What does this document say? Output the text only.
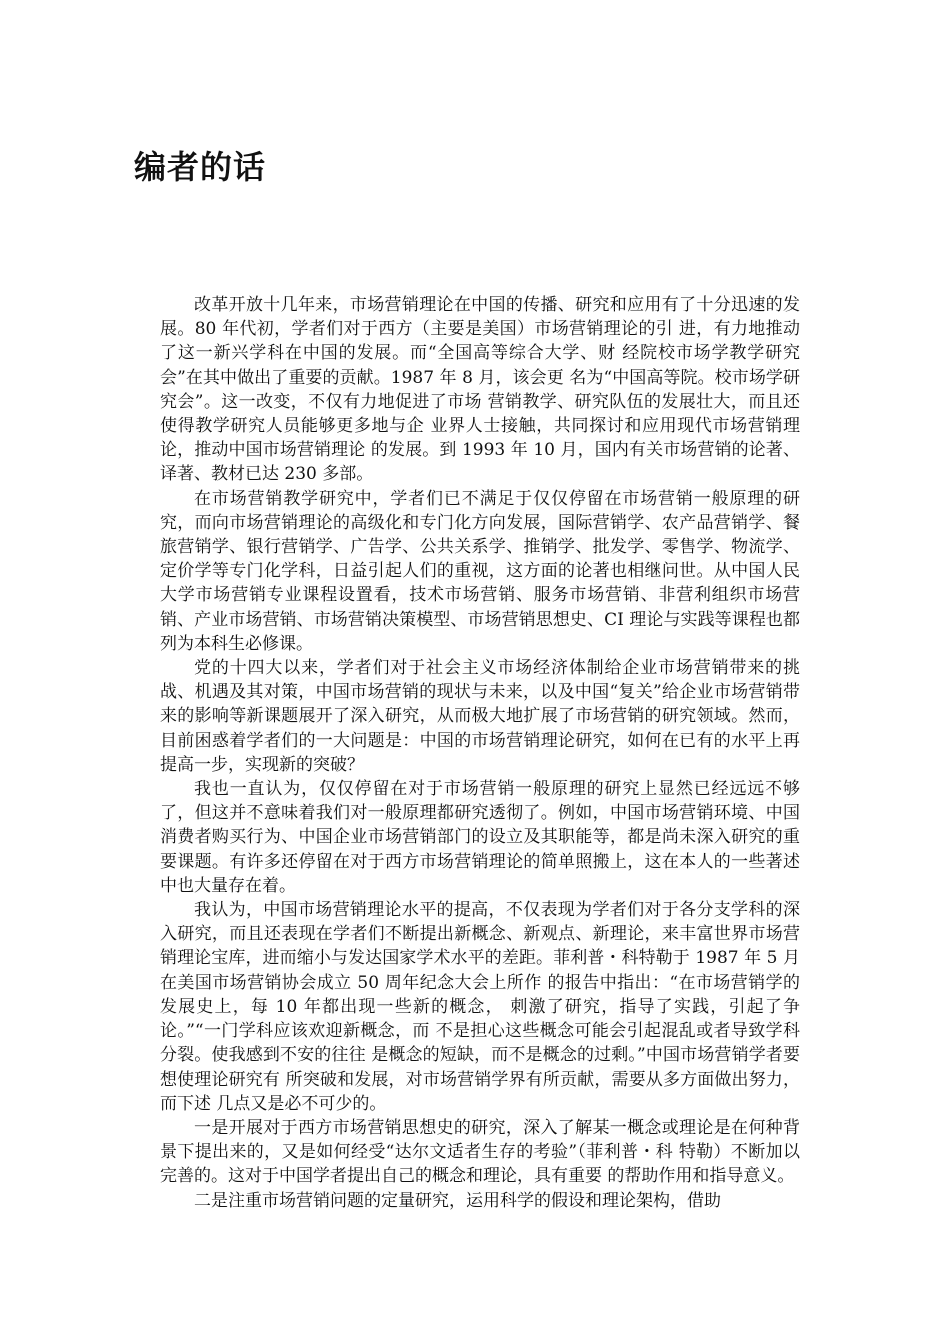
编者的话

改革开放十几年来，市场营销理论在中国的传播、研究和应用有了十分迅速的发展。80 年代初，学者们对于西方（主要是美国）市场营销理论的引 进，有力地推动了这一新兴学科在中国的发展。而“全国高等综合大学、财 经院校市场学教学研究会”在其中做出了重要的贡献。1987 年 8 月，该会更 名为“中国高等院。校市场学研究会”。这一改变，不仅有力地促进了市场 营销教学、研究队伍的发展壮大，而且还使得教学研究人员能够更多地与企 业界人士接触，共同探讨和应用现代市场营销理论，推动中国市场营销理论 的发展。到 1993 年 10 月，国内有关市场营销的论著、译著、教材已达 230 多部。

在市场营销教学研究中，学者们已不满足于仅仅停留在市场营销一般原理的研究，而向市场营销理论的高级化和专门化方向发展，国际营销学、农产品营销学、餐旅营销学、银行营销学、广告学、公共关系学、推销学、批发学、零售学、物流学、定价学等专门化学科，日益引起人们的重视，这方面的论著也相继问世。从中国人民大学市场营销专业课程设置看，技术市场营销、服务市场营销、非营利组织市场营销、产业市场营销、市场营销决策模型、市场营销思想史、CI 理论与实践等课程也都列为本科生必修课。

党的十四大以来，学者们对于社会主义市场经济体制给企业市场营销带来的挑战、机遇及其对策，中国市场营销的现状与未来，以及中国“复关”给企业市场营销带来的影响等新课题展开了深入研究，从而极大地扩展了市场营销的研究领域。然而，目前困惑着学者们的一大问题是：中国的市场营销理论研究，如何在已有的水平上再提高一步，实现新的突破？

我也一直认为，仅仅停留在对于市场营销一般原理的研究上显然已经远远不够了，但这并不意味着我们对一般原理都研究透彻了。例如，中国市场营销环境、中国消费者购买行为、中国企业市场营销部门的设立及其职能等，都是尚未深入研究的重要课题。有许多还停留在对于西方市场营销理论的简单照搬上，这在本人的一些著述中也大量存在着。

我认为，中国市场营销理论水平的提高，不仅表现为学者们对于各分支学科的深入研究，而且还表现在学者们不断提出新概念、新观点、新理论，来丰富世界市场营销理论宝库，进而缩小与发达国家学术水平的差距。菲利普・科特勒于 1987 年 5 月在美国市场营销协会成立 50 周年纪念大会上所作 的报告中指出：“在市场营销学的发展史上，每 10 年都出现一些新的概念， 刺激了研究，指导了实践，引起了争论。”“一门学科应该欢迎新概念，而 不是担心这些概念可能会引起混乱或者导致学科分裂。使我感到不安的往往 是概念的短缺，而不是概念的过剩。”中国市场营销学者要想使理论研究有 所突破和发展，对市场营销学界有所贡献，需要从多方面做出努力，而下述 几点又是必不可少的。

一是开展对于西方市场营销思想史的研究，深入了解某一概念或理论是在何种背景下提出来的，又是如何经受“达尔文适者生存的考验”（菲利普・科 特勒）不断加以完善的。这对于中国学者提出自己的概念和理论，具有重要 的帮助作用和指导意义。

二是注重市场营销问题的定量研究，运用科学的假设和理论架构，借助
